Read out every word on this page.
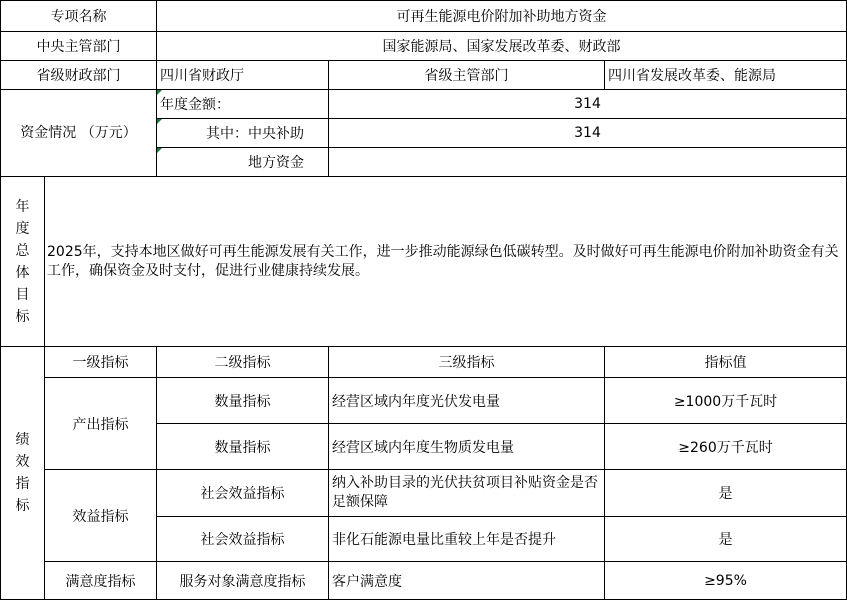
专项名称		可再生能源电价附加补助地方资金		
中央主管部门		国家能源局、国家发展改革委、财政部		
省级财政部门		四川省财政厅	省级主管部门	四川省发展改革委、能源局
资金情况 （万元）		年度金额：	314	
		其中：中央补助	314	
		地方资金		
年度总体目标	2025年，支持本地区做好可再生能源发展有关工作，进一步推动能源绿色低碳转型。及时做好可再生能源电价附加补助资金有关工作，确保资金及时支付，促进行业健康持续发展。			
绩效指标	一级指标	二级指标	三级指标	指标值
	产出指标	数量指标	经营区域内年度光伏发电量	≥1000万千瓦时
		数量指标	经营区域内年度生物质发电量	≥260万千瓦时
	效益指标	社会效益指标	纳入补助目录的光伏扶贫项目补贴资金是否足额保障	是
		社会效益指标	非化石能源电量比重较上年是否提升	是
	满意度指标	服务对象满意度指标	客户满意度	≥95%
